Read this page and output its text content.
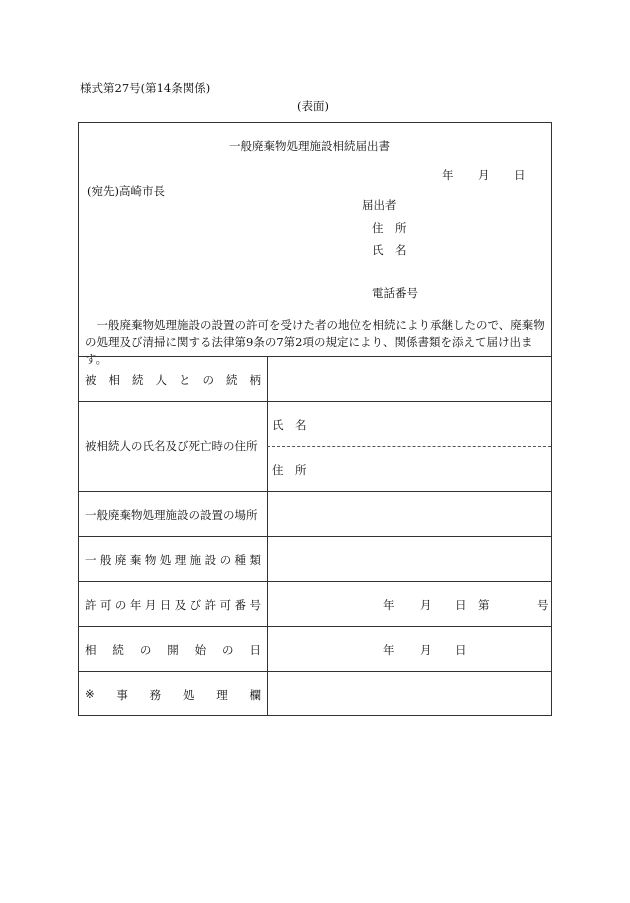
様式第27号(第14条関係)
(表面)
一般廃棄物処理施設相続届出書
年 月 日
(宛先)高崎市長
届出者
住　所
氏　名
電話番号

一般廃棄物処理施設の設置の許可を受けた者の地位を相続により承継したので、廃棄物の処理及び清掃に関する法律第9条の7第2項の規定により、関係書類を添えて届け出ます。

被 相 続 人 と の 続 柄
被相続人の氏名及び死亡時の住所
氏　名
住　所
一般廃棄物処理施設の設置の場所
一 般 廃 棄 物 処 理 施 設 の 種 類
許 可 の 年 月 日 及 び 許 可 番 号	年 月 日 第	号
相 続 の 開 始 の 日	年 月 日
※ 事 務 処 理 欄
